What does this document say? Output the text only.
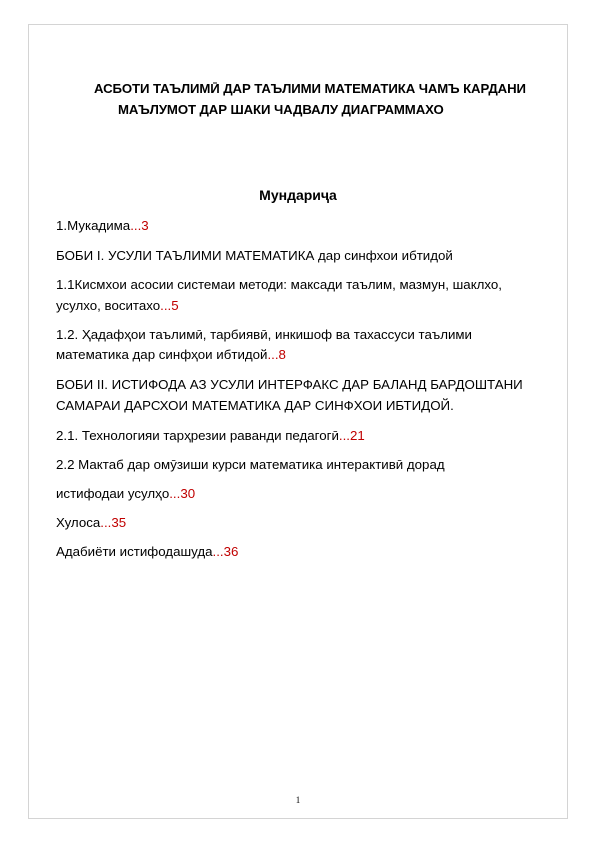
АСБОТИ ТАЪЛИМӢ ДАР ТАЪЛИМИ МАТЕМАТИКА ЧАМЪ КАРДАНИ
МАЪЛУМОТ ДАР ШАКИ ЧАДВАЛУ ДИАГРАММАХО
Мундариҷа
1.Мукадима...3
БОБИ І. УСУЛИ ТАЪЛИМИ МАТЕМАТИКА дар синфхои ибтидой
1.1Кисмхои асосии системаи методи: максади таълим, мазмун, шаклхо,
усулхо, воситахо...5
1.2. Ҳадафҳои таълимӣ, тарбиявӣ, инкишоф ва тахассуси таълими
математика дар синфҳои ибтидой...8
БОБИ ІІ. ИСТИФОДА АЗ УСУЛИ ИНТЕРФАКС ДАР БАЛАНД БАРДОШТАНИ
САМАРАИ ДАРСХОИ МАТЕМАТИКА ДАР СИНФХОИ ИБТИДОЙ.
2.1. Технологияи тарҳрезии раванди педагогӣ...21
2.2 Мактаб дар омӯзиши курси математика интерактивӣ дорад
истифодаи усулҳо...30
Хулоса...35
Адабиёти истифодашуда...36
1
